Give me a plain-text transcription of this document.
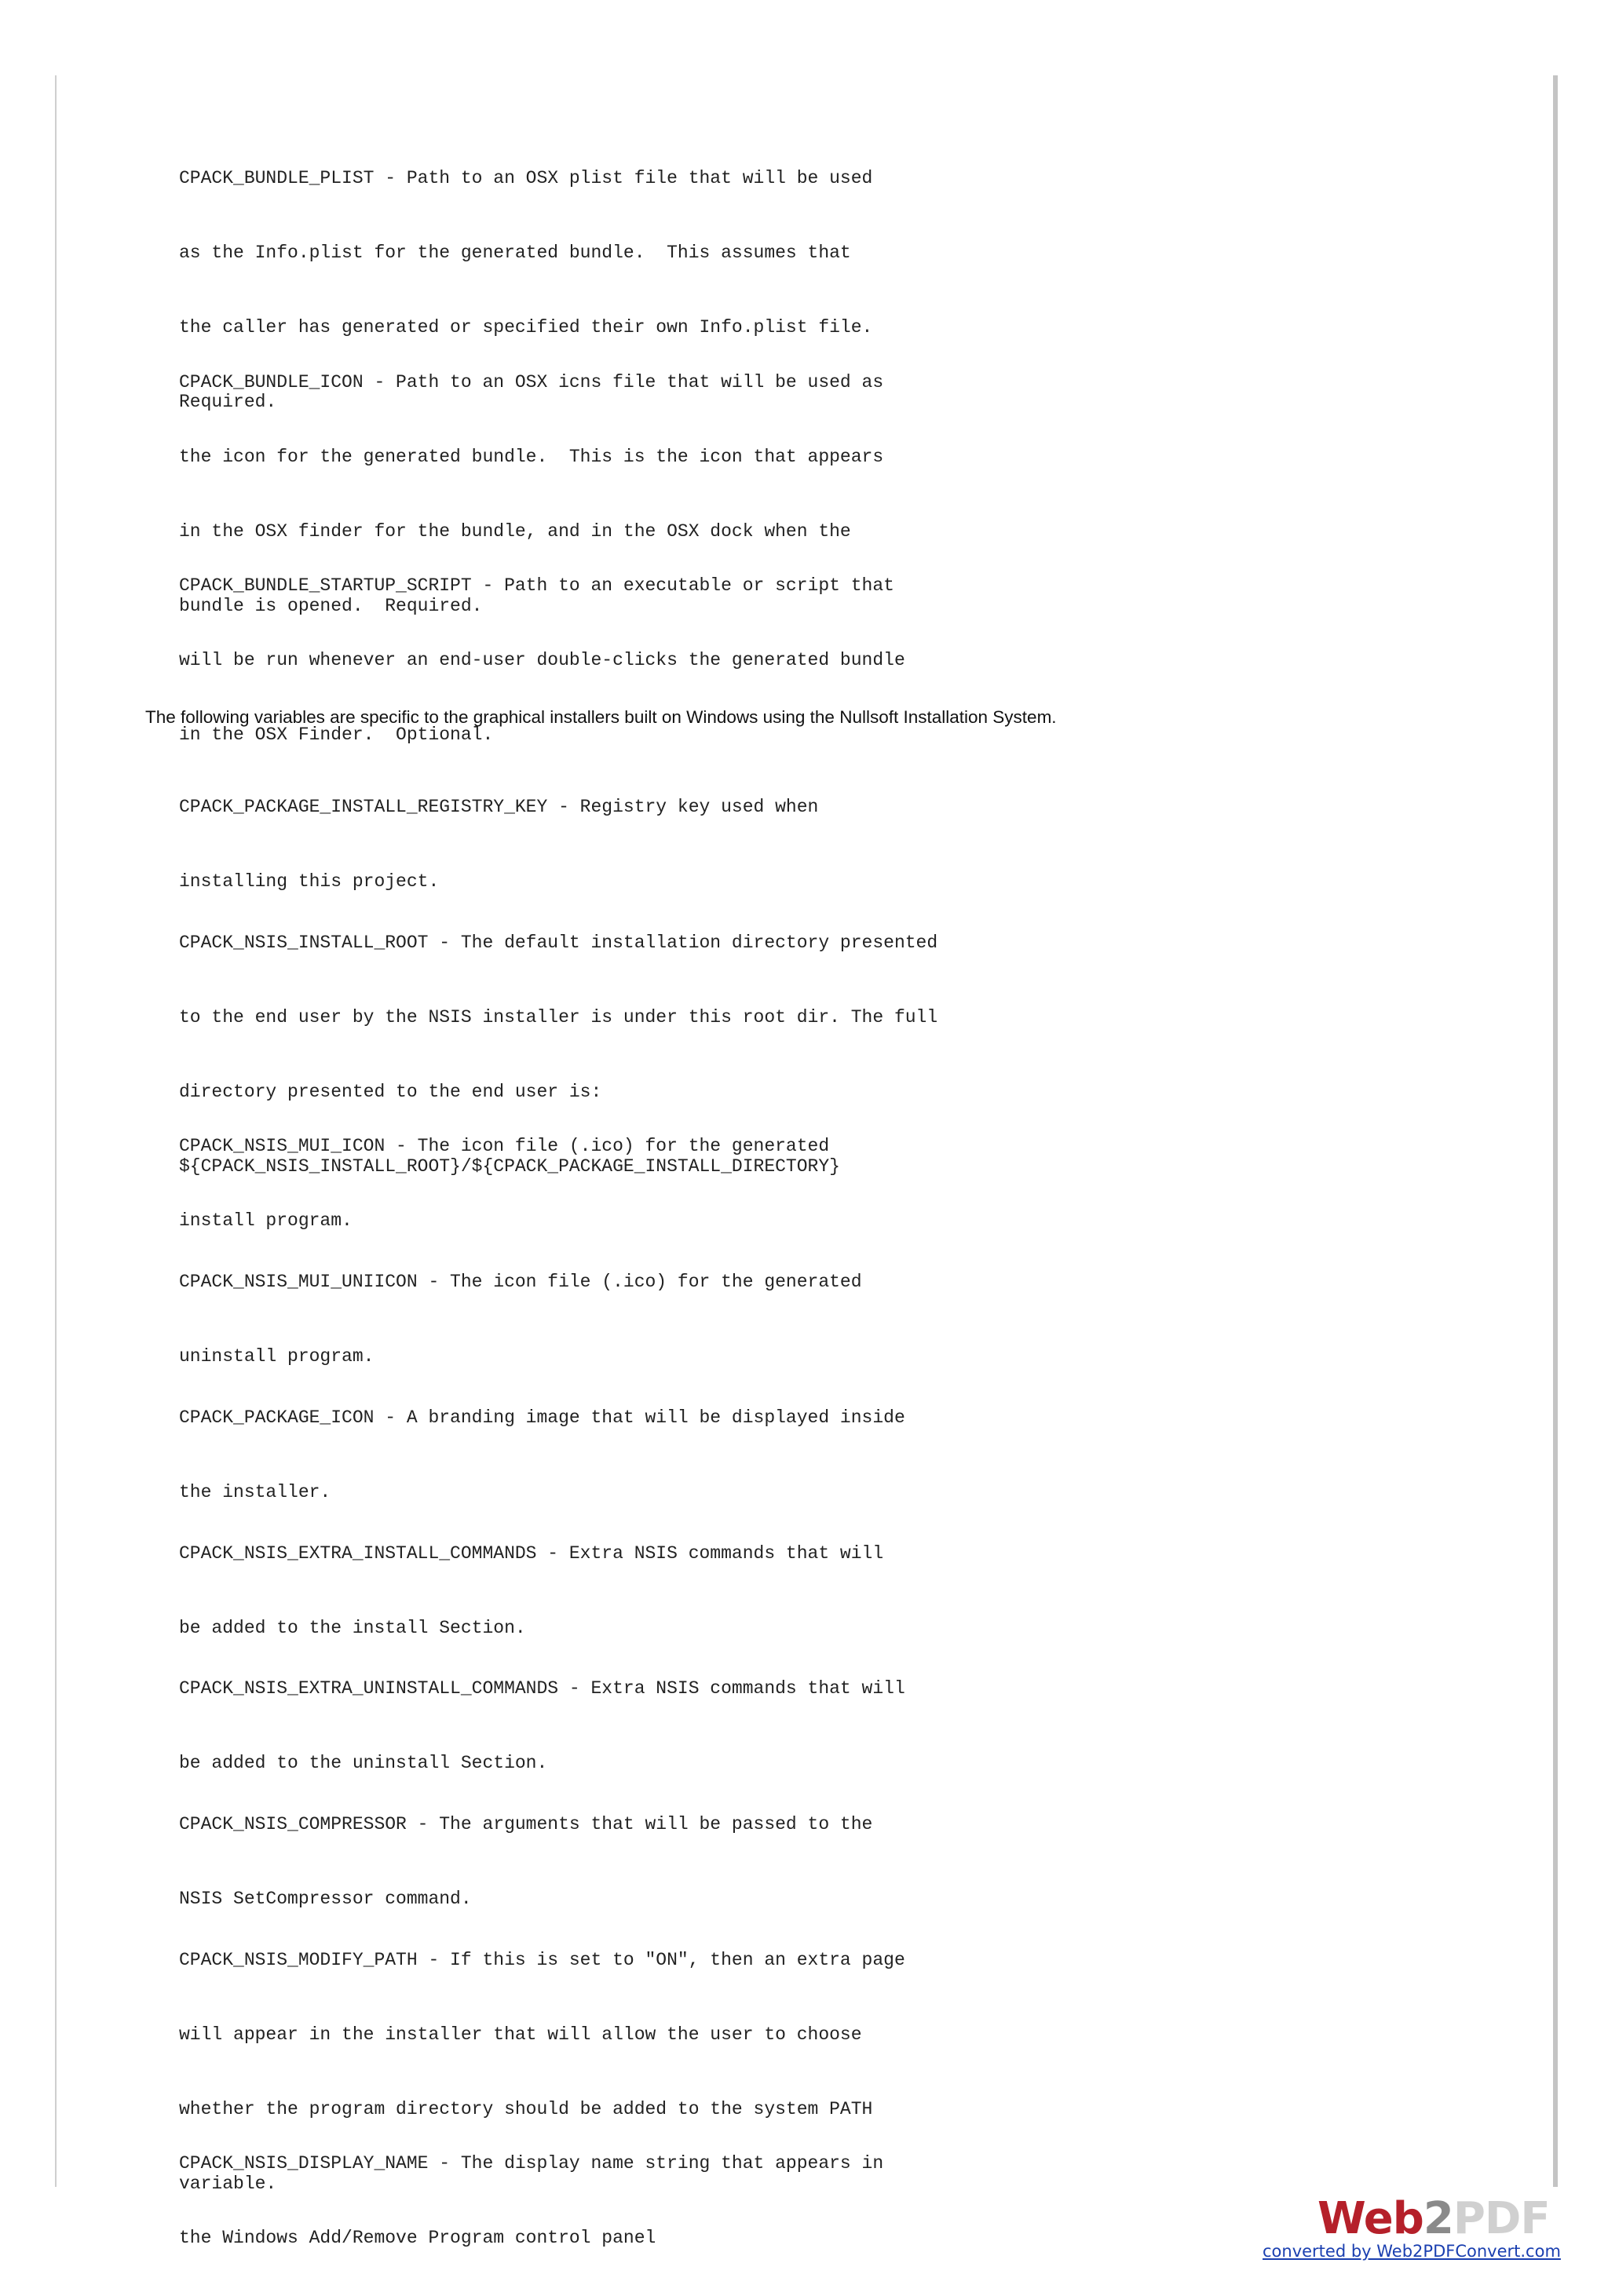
CPACK_BUNDLE_PLIST - Path to an OSX plist file that will be used

as the Info.plist for the generated bundle.  This assumes that

the caller has generated or specified their own Info.plist file.

Required.

CPACK_BUNDLE_ICON - Path to an OSX icns file that will be used as

the icon for the generated bundle.  This is the icon that appears

in the OSX finder for the bundle, and in the OSX dock when the

bundle is opened.  Required.

CPACK_BUNDLE_STARTUP_SCRIPT - Path to an executable or script that

will be run whenever an end-user double-clicks the generated bundle

in the OSX Finder.  Optional.

The following variables are specific to the graphical installers built on Windows using the Nullsoft Installation System.

CPACK_PACKAGE_INSTALL_REGISTRY_KEY - Registry key used when

installing this project.

CPACK_NSIS_INSTALL_ROOT - The default installation directory presented

to the end user by the NSIS installer is under this root dir. The full

directory presented to the end user is:

${CPACK_NSIS_INSTALL_ROOT}/${CPACK_PACKAGE_INSTALL_DIRECTORY}

CPACK_NSIS_MUI_ICON - The icon file (.ico) for the generated

install program.

CPACK_NSIS_MUI_UNIICON - The icon file (.ico) for the generated

uninstall program.

CPACK_PACKAGE_ICON - A branding image that will be displayed inside

the installer.

CPACK_NSIS_EXTRA_INSTALL_COMMANDS - Extra NSIS commands that will

be added to the install Section.

CPACK_NSIS_EXTRA_UNINSTALL_COMMANDS - Extra NSIS commands that will

be added to the uninstall Section.

CPACK_NSIS_COMPRESSOR - The arguments that will be passed to the

NSIS SetCompressor command.

CPACK_NSIS_MODIFY_PATH - If this is set to "ON", then an extra page

will appear in the installer that will allow the user to choose

whether the program directory should be added to the system PATH

variable.

CPACK_NSIS_DISPLAY_NAME - The display name string that appears in

the Windows Add/Remove Program control panel

	Web2PDF
converted by Web2PDFConvert.com
